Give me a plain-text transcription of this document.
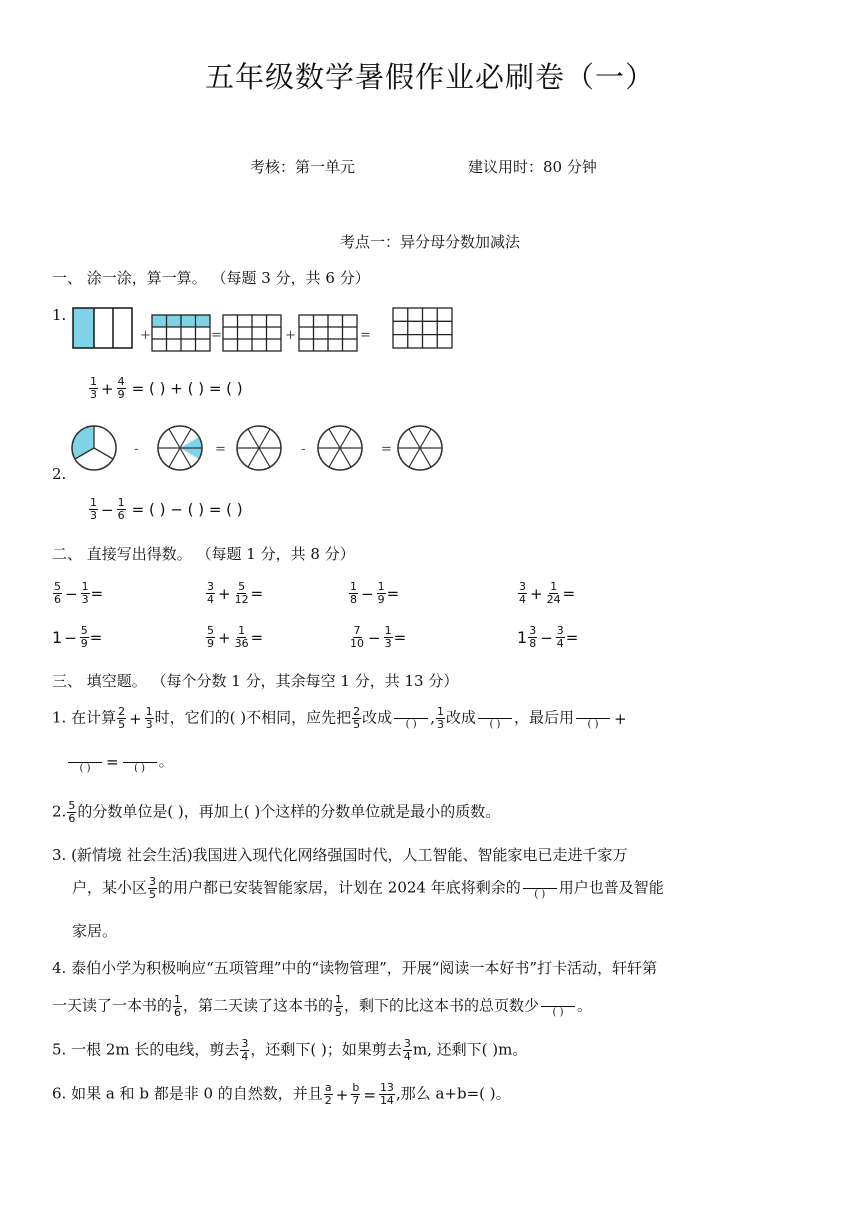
五年级数学暑假作业必刷卷（一）
考核：第一单元	建议用时：80 分钟
考点一：异分母分数加减法
一、 涂一涂，算一算。 （每题 3 分，共 6 分）
1.
+	=	+	=
$\frac{1}{3} + \frac{4}{9}$ = ( ) + ( ) = ( )
-	=	-	=
2.
$\frac{1}{3} - \frac{1}{6}$ = ( ) − ( ) = ( )
二、 直接写出得数。 （每题 1 分，共 8 分）
$\frac{5}{6} - \frac{1}{3}$ =	$\frac{3}{4} + \frac{5}{12}$ =	$\frac{1}{8} - \frac{1}{9}$ =	$\frac{3}{4} + \frac{1}{24}$ =
$1 - \frac{5}{9}$ =	$\frac{5}{9} + \frac{1}{36}$ =	$\frac{7}{10} - \frac{1}{3}$ =	$1 \frac{3}{8} - \frac{3}{4}$ =
三、 填空题。 （每个分数 1 分，其余每空 1 分，共 13 分）
1. 在计算 $\frac{2}{5} + \frac{1}{3}$ 时，它们的( )不相同，应先把 $\frac{2}{5}$ 改成
( ) , $\frac{1}{3}$ 改成
( ) ，最后用
( ) +

( ) =
( ) 。
2. $\frac{5}{6}$ 的分数单位是( )，再加上( )个这样的分数单位就是最小的质数。
3. (新情境 社会生活)我国进入现代化网络强国时代，人工智能、智能家电已走进千家万
户，某小区 $\frac{3}{5}$ 的用户都已安装智能家居，计划在 2024 年底将剩余的
( ) 用户也普及智能
家居。
4. 泰伯小学为积极响应“五项管理”中的“读物管理”，开展“阅读一本好书”打卡活动，轩轩第
一天读了一本书的 $\frac{1}{6}$ ，第二天读了这本书的 $\frac{1}{5}$ ，剩下的比这本书的总页数少
( ) 。
5. 一根 2m 长的电线，剪去 $\frac{3}{4}$ ，还剩下( )；如果剪去 $\frac{3}{4} m$, 还剩下( )m。
6. 如果 a 和 b 都是非 0 的自然数，并且 $\frac{a}{2} + \frac{b}{7} = \frac{13}{14}$ ,那么 a+b=( )。
